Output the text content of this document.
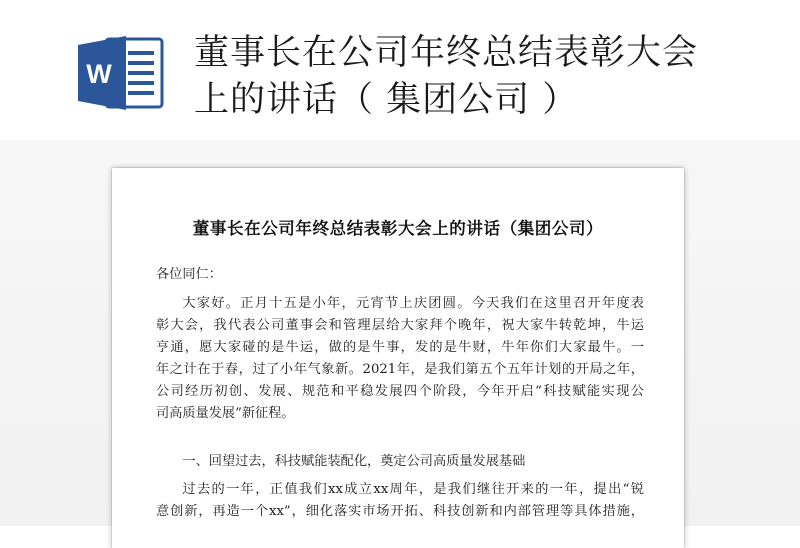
W
董事长在公司年终总结表彰大会
上的讲话（ 集团公司 ）
董事长在公司年终总结表彰大会上的讲话（集团公司）

各位同仁：

大家好。正月十五是小年，元宵节上庆团圆。今天我们在这里召开年度表
彰大会，我代表公司董事会和管理层给大家拜个晚年，祝大家牛转乾坤，牛运
亨通，愿大家碰的是牛运，做的是牛事，发的是牛财，牛年你们大家最牛。一
年之计在于春，过了小年气象新。2021年，是我们第五个五年计划的开局之年，
公司经历初创、发展、规范和平稳发展四个阶段，今年开启“科技赋能实现公
司高质量发展”新征程。

一、回望过去，科技赋能装配化，奠定公司高质量发展基础

过去的一年，正值我们xx成立xx周年，是我们继往开来的一年，提出“锐
意创新，再造一个xx”，细化落实市场开拓、科技创新和内部管理等具体措施，
